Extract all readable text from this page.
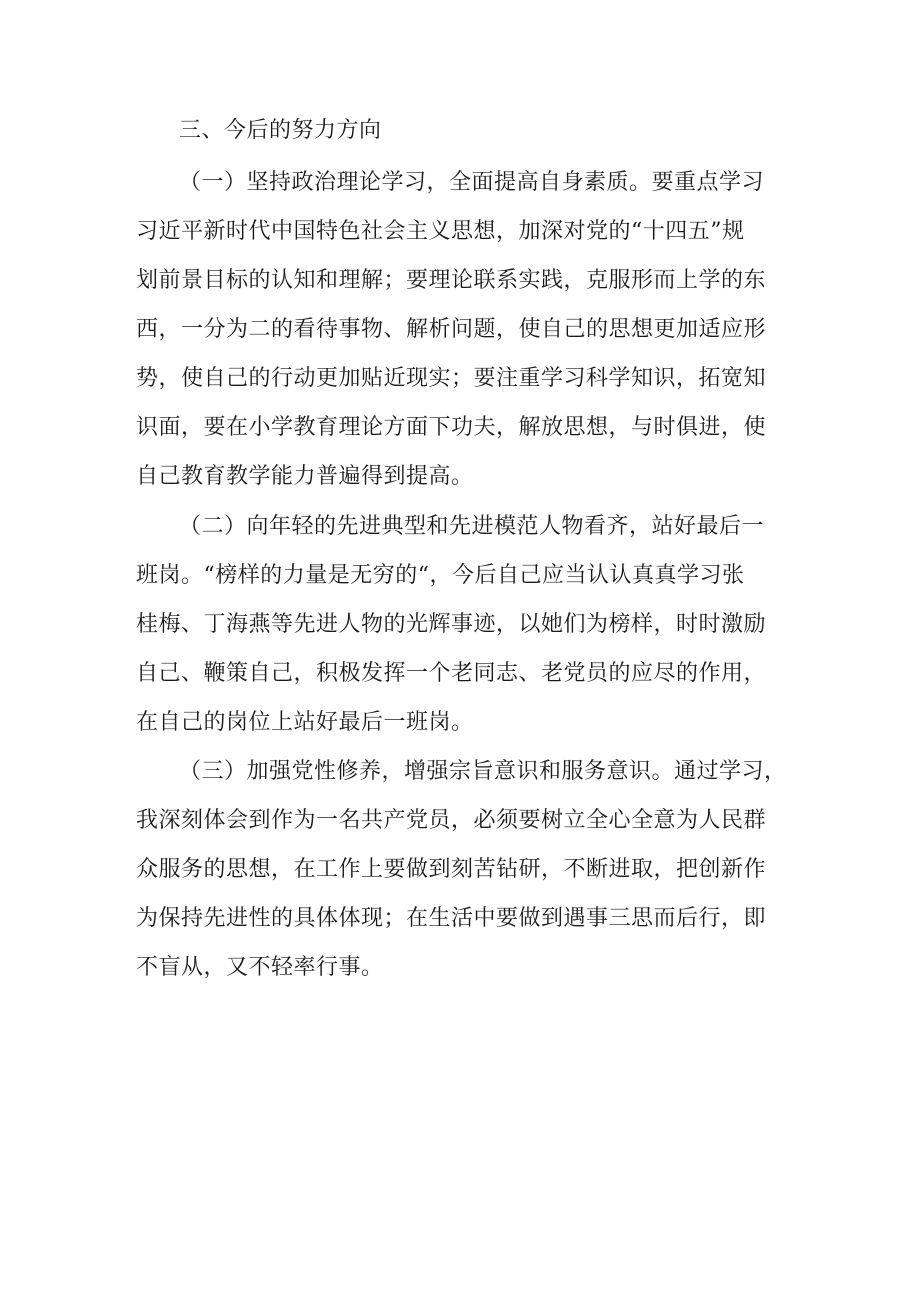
三、今后的努力方向
（一）坚持政治理论学习，全面提高自身素质。要重点学习
习近平新时代中国特色社会主义思想，加深对党的“十四五”规
划前景目标的认知和理解；要理论联系实践，克服形而上学的东
西，一分为二的看待事物、解析问题，使自己的思想更加适应形
势，使自己的行动更加贴近现实；要注重学习科学知识，拓宽知
识面，要在小学教育理论方面下功夫，解放思想，与时俱进，使
自己教育教学能力普遍得到提高。
（二）向年轻的先进典型和先进模范人物看齐，站好最后一
班岗。“榜样的力量是无穷的“，今后自己应当认认真真学习张
桂梅、丁海燕等先进人物的光辉事迹，以她们为榜样，时时激励
自己、鞭策自己，积极发挥一个老同志、老党员的应尽的作用，
在自己的岗位上站好最后一班岗。
（三）加强党性修养，增强宗旨意识和服务意识。通过学习，
我深刻体会到作为一名共产党员，必须要树立全心全意为人民群
众服务的思想，在工作上要做到刻苦钻研，不断进取，把创新作
为保持先进性的具体体现；在生活中要做到遇事三思而后行，即
不盲从，又不轻率行事。
